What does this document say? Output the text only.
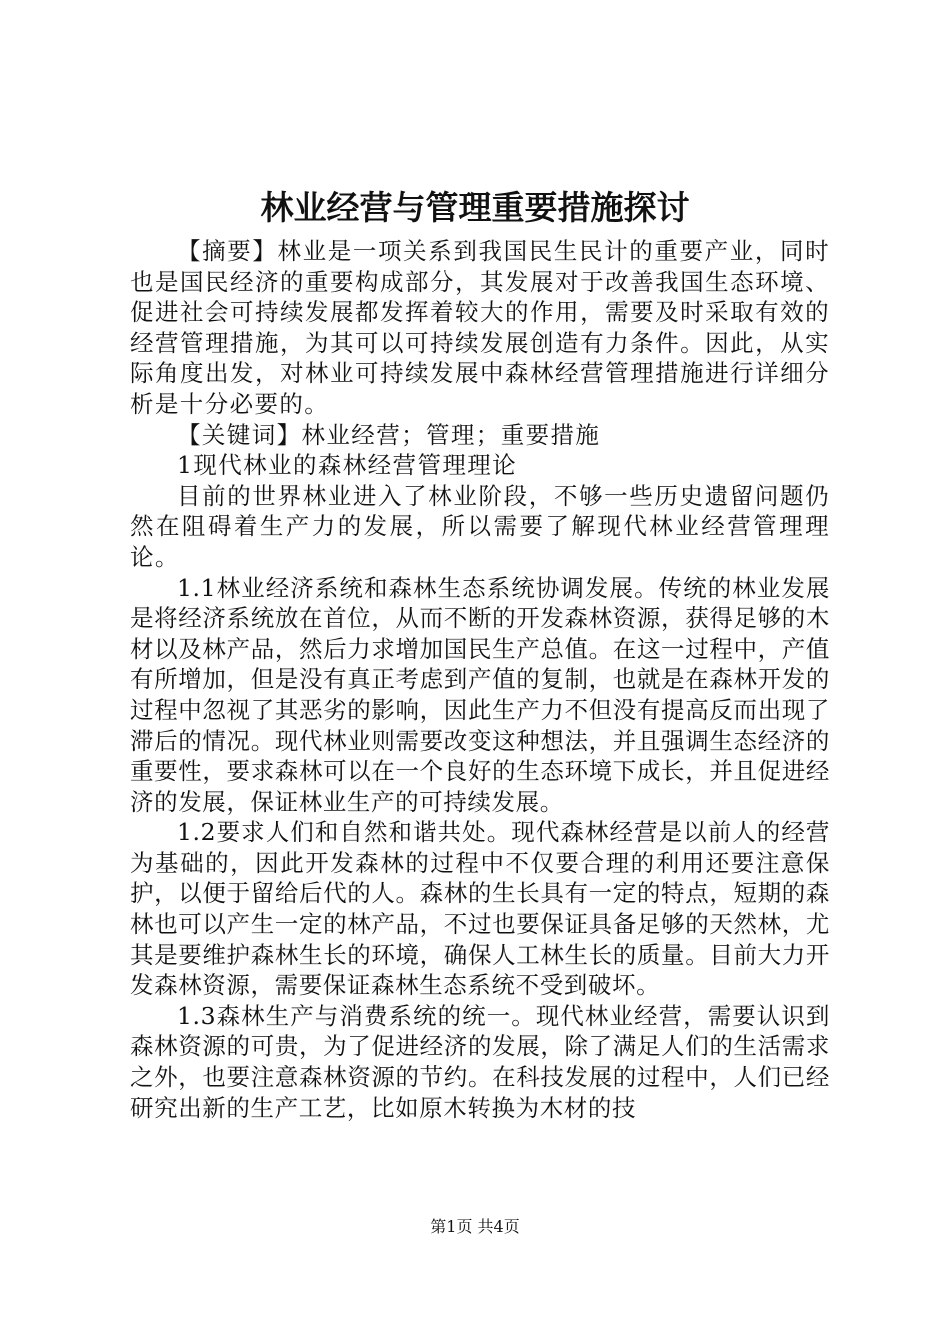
林业经营与管理重要措施探讨

【摘要】林业是一项关系到我国民生民计的重要产业，同时也是国民经济的重要构成部分，其发展对于改善我国生态环境、促进社会可持续发展都发挥着较大的作用，需要及时采取有效的经营管理措施，为其可以可持续发展创造有力条件。因此，从实际角度出发，对林业可持续发展中森林经营管理措施进行详细分析是十分必要的。

【关键词】林业经营；管理；重要措施

1现代林业的森林经营管理理论

目前的世界林业进入了林业阶段，不够一些历史遗留问题仍然在阻碍着生产力的发展，所以需要了解现代林业经营管理理论。

1.1林业经济系统和森林生态系统协调发展。传统的林业发展是将经济系统放在首位，从而不断的开发森林资源，获得足够的木材以及林产品，然后力求增加国民生产总值。在这一过程中，产值有所增加，但是没有真正考虑到产值的复制，也就是在森林开发的过程中忽视了其恶劣的影响，因此生产力不但没有提高反而出现了滞后的情况。现代林业则需要改变这种想法，并且强调生态经济的重要性，要求森林可以在一个良好的生态环境下成长，并且促进经济的发展，保证林业生产的可持续发展。

1.2要求人们和自然和谐共处。现代森林经营是以前人的经营为基础的，因此开发森林的过程中不仅要合理的利用还要注意保护，以便于留给后代的人。森林的生长具有一定的特点，短期的森林也可以产生一定的林产品，不过也要保证具备足够的天然林，尤其是要维护森林生长的环境，确保人工林生长的质量。目前大力开发森林资源，需要保证森林生态系统不受到破坏。

1.3森林生产与消费系统的统一。现代林业经营，需要认识到森林资源的可贵，为了促进经济的发展，除了满足人们的生活需求之外，也要注意森林资源的节约。在科技发展的过程中，人们已经研究出新的生产工艺，比如原木转换为木材的技

第1页 共4页
